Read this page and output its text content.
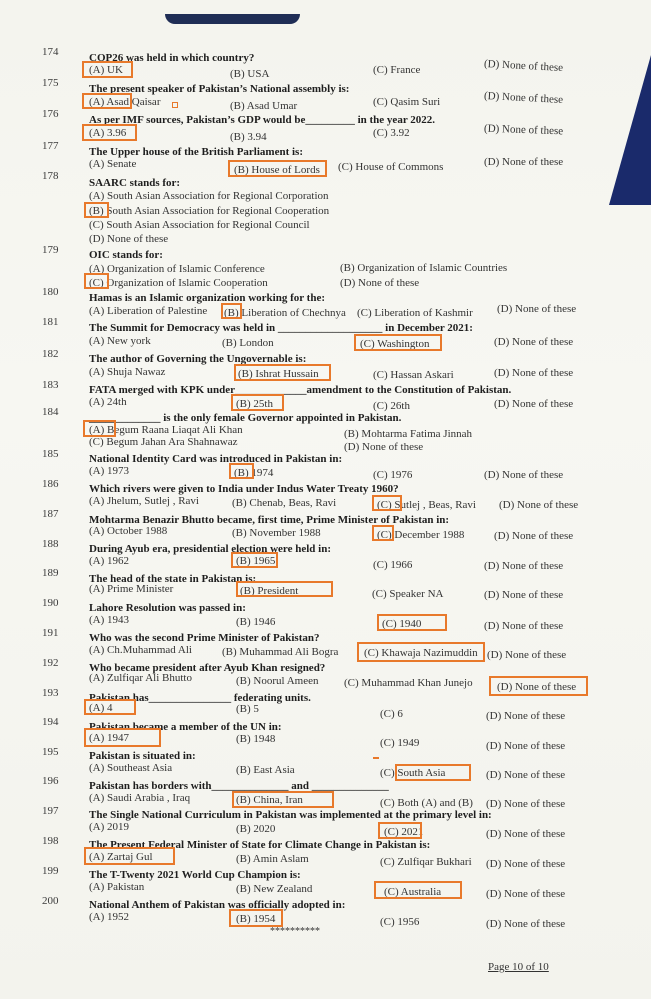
174	COP26 was held in which country?
(A) UK	(B) USA	(C) France	(D) None of these
175	The present speaker of Pakistan’s National assembly is:
(A) Asad Qaisar	(B) Asad Umar	(C) Qasim Suri	(D) None of these
176	As per IMF sources, Pakistan’s GDP would be_________ in the year 2022.
(A) 3.96	(B) 3.94	(C) 3.92	(D) None of these
177	The Upper house of the British Parliament is:
(A) Senate	(B) House of Lords (C) House of Commons	(D) None of these
178
SAARC stands for:
(A) South Asian Association for Regional Corporation
(B) South Asian Association for Regional Cooperation
(C) South Asian Association for Regional Council
(D) None of these
179	OIC stands for:
(A) Organization of Islamic Conference	(B) Organization of Islamic Countries
(C) Organization of Islamic Cooperation	(D) None of these
180	Hamas is an Islamic organization working for the:
(A) Liberation of Palestine (B) Liberation of Chechnya (C) Liberation of Kashmir (D) None of these
181	The Summit for Democracy was held in ___________________ in December 2021:
(A) New york	(B) London	(C) Washington	(D) None of these
182	The author of Governing the Ungovernable is:
(A) Shuja Nawaz	(B) Ishrat Hussain	(C) Hassan Askari	(D) None of these
183	FATA merged with KPK under_____________amendment to the Constitution of Pakistan.
(A) 24th	(B) 25th	(C) 26th	(D) None of these
184	_____________ is the only female Governor appointed in Pakistan.
(A) Begum Raana Liaqat Ali Khan	(B) Mohtarma Fatima Jinnah
(C) Begum Jahan Ara Shahnawaz	(D) None of these
185	National Identity Card was introduced in Pakistan in:
(A) 1973	(B) 1974	(C) 1976	(D) None of these
186	Which rivers were given to India under Indus Water Treaty 1960?
(A) Jhelum, Sutlej , Ravi	(B) Chenab, Beas, Ravi	(C) Sutlej , Beas, Ravi (D) None of these
187	Mohtarma Benazir Bhutto became, first time, Prime Minister of Pakistan in:
(A) October 1988	(B) November 1988	(C) December 1988	(D) None of these
188	During Ayub era, presidential election were held in:
(A) 1962	(B) 1965	(C) 1966	(D) None of these
189	The head of the state in Pakistan is:
(A) Prime Minister	(B) President	(C) Speaker NA	(D) None of these
190	Lahore Resolution was passed in:
(A) 1943	(B) 1946	(C) 1940	(D) None of these
191	Who was the second Prime Minister of Pakistan?
(A) Ch.Muhammad Ali	(B) Muhammad Ali Bogra (C) Khawaja Nazimuddin (D) None of these
192	Who became president after Ayub Khan resigned?
(A) Zulfiqar Ali Bhutto	(B) Noorul Ameen (C) Muhammad Khan Junejo (D) None of these
193	Pakistan has_______________ federating units.
(A) 4	(B) 5	(C) 6	(D) None of these
194	Pakistan became a member of the UN in:
(A) 1947	(B) 1948	(C) 1949	(D) None of these
195	Pakistan is situated in:
(A) Southeast Asia	(B) East Asia	(C) South Asia	(D) None of these
196	Pakistan has borders with______________ and ______________
(A) Saudi Arabia , Iraq	(B) China, Iran	(C) Both (A) and (B) (D) None of these
197	The Single National Curriculum in Pakistan was implemented at the primary level in:
(A) 2019	(B) 2020	(C) 2021	(D) None of these
198	The Present Federal Minister of State for Climate Change in Pakistan is:
(A) Zartaj Gul	(B) Amin Aslam	(C) Zulfiqar Bukhari (D) None of these
199	The T-Twenty 2021 World Cup Champion is:
(A) Pakistan	(B) New Zealand	(C) Australia	(D) None of these
200	National Anthem of Pakistan was officially adopted in:
(A) 1952	(B) 1954	(C) 1956	(D) None of these
**********
Page 10 of 10
